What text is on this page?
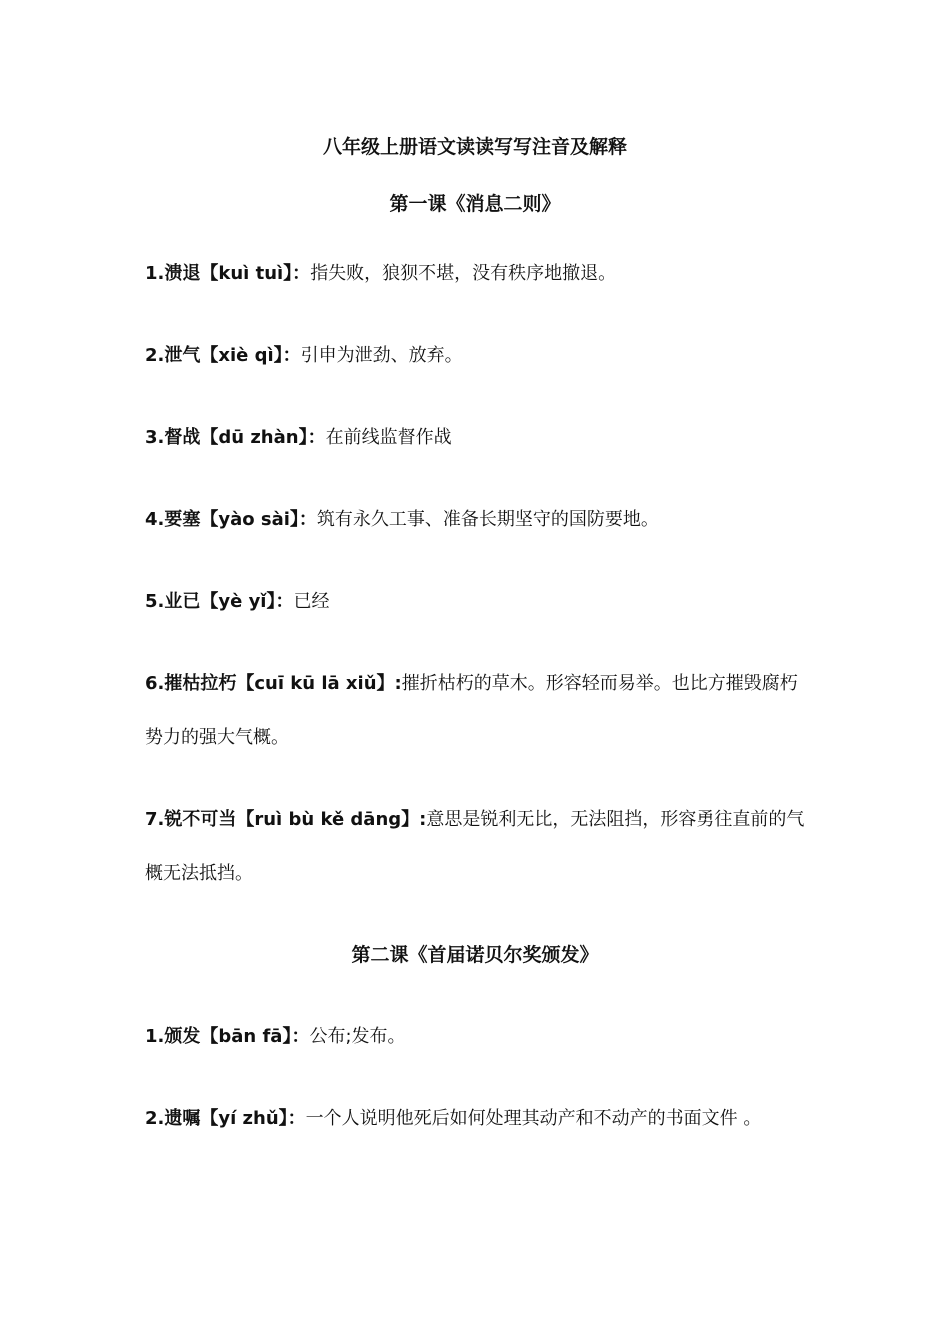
八年级上册语文读读写写注音及解释
第一课《消息二则》
1.溃退【kuì tuì】：指失败，狼狈不堪，没有秩序地撤退。
2.泄气【xiè qì】：引申为泄劲、放弃。
3.督战【dū zhàn】：在前线监督作战
4.要塞【yào sài】：筑有永久工事、准备长期坚守的国防要地。
5.业已【yè yǐ】：已经
6.摧枯拉朽【cuī kū lā xiǔ】:摧折枯朽的草木。形容轻而易举。也比方摧毁腐朽势力的强大气概。
7.锐不可当【ruì bù kě dāng】:意思是锐利无比，无法阻挡，形容勇往直前的气概无法抵挡。
第二课《首届诺贝尔奖颁发》
1.颁发【bān fā】：公布;发布。
2.遗嘱【yí zhǔ】：一个人说明他死后如何处理其动产和不动产的书面文件 。
